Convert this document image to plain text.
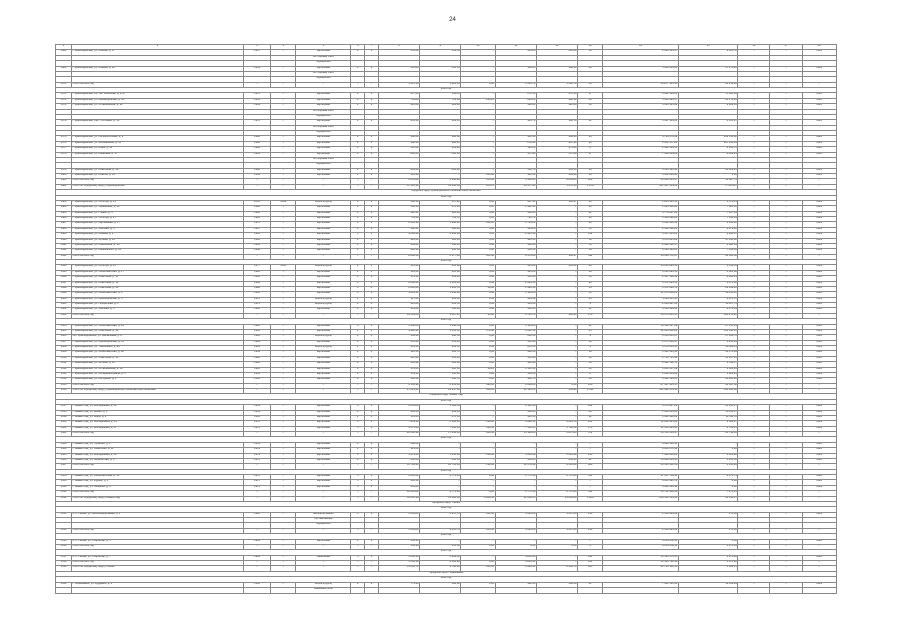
24
1	2	3	4	5	6	7	8	9	10	11	12	13	14	15	16	17	18
1468	г. Краснодонский, ул. Ленина, д. 47	1957	–	кирпичные	2	2	551,60	509,60	–	405,20	405,20	18	2 684 146,97	9 481,78	–	–	2023
				по сборным и ж/б													
				перекрытия													
1469	г. Краснодонский, ул. Ленина, д. 49	1959	–	кирпичные	2	2	519,60	514,60	–	388,20	388,20	18	5 458 456,24	37 175,40	–	–	2023
				по сборным и ж/б													
				перекрытия													
1470	Итого за 2023 год	–	–	–	–	–	1 467,30	1 421,30	0,00	1 046,70	1 046,70	50	10 877 105,13	96 259,18	–	–	–
2024 год																	
1471	г. Краснодонский, пр. Им. Ильичева, д. 27А	1970	–	кирпичные	2	2	417,20	411,20	–	272,10	272,10	17	3 842 183,21	75 883,10	–	–	2025
1472	г. Краснодонский, ул. Краснодонская, д. 11	1955	–	кирпичные	2	2	733,80	729,80	210,20	260,20	486,20	19	5 164 490,27	21 173,04	–	–	2025
1473	г. Краснодонский, ул. Литвиновская, д. 32	1959	–	кирпичные	2	2	424,60	424,60	–	320,60	320,60	13	4 125 121,29	9 609,65	–	–	2025
				по сборным и ж/б													
				перекрытия													
1474	г. Краснодонский, пер. Почтовый, д. 13	1976	–	кирпичные	2	2	401,10	401,10	–	386,70	386,70	12	3 097 549,04	8 615,07	–	–	2025
				по сборным и ж/б													
				перекрытия													
1475	г. Краснодонский, ул. Рыбоколхозная, д. 9	1960	–	кирпичные	2	2	482,00	482,00	–	321,30	446,20	14	4 794 270,29	189 133,02	–	–	2025
1476	г. Краснодонский, ул. Белоказачья, д. 11	1962	–	кирпичные	2	2	288,10	288,10	–	278,40	297,40	10	1 951 177,81	247 141,24	–	–	2025
1477	г. Краснодонский, ул. Мира, д. 24	1962	–	кирпичные	2	2	315,20	315,20	–	191,20	275,40	8	2 621 680,45	8 263,76	–	–	2025
1478	г. Краснодонский, ул. Ковалева, д. 17	1959	–	кирпичные	2	2	860,50	860,50	–	557,20	557,20	27	7 568 284,29	8 069,29	–	–	2025
				по сборным и ж/б													
				перекрытия													
1479	г. Краснодонский, ул. Советская, д. 13	1962	–	кирпичные	2	2	804,20	804,20	–	509,70	501,50	16	4 565 120,35	15 322,45	–	–	2025
1480	г. Краснодонский, ул. Ильича, д. 64	1959	–	кирпичные	2	2	181,30	–	145,40	181,30	294,10	14	3 052 240,45	0,00	–	–	2025
1481	Итого за 2024 год	–	–	–	–	–	4 655,86	4 918,90	355,60	4 140,40	4 256,80	180	40 936 001,47	11 987,73	–	–	–
1482	Итого по городскому округу Краснодонский	–	–	–	–	–	37 126,30	31 330,80	185,70	14 377,30	1 470,50	1 079	151 997 254,24	1 709 047	–	–	–
Городской округ Краснодонский Сельсоветский сельсовет																	
2023 год																	
1483	г. Краснодонский, ул. Октября, д. 23	2003	2009	Кирпич(бруск)	2	2	448,10	417,40	0,00	417,50	385,47	46	1 205 521,35	2 374,11	–	–	2023
1484	г. Краснодонский, ул. Украинская, д. 21	1962	–	кирпичные	3	2	592,10	572,10	0,00	1 412,30	–	23	1 404 162,08	7 826,18	–	–	2023
1485	г. Краснодонский, ул. Глинки, д. 5	1965	–	кирпичные	2	2	320,10	320,10	0,00	316,60	–	22	4 778 647,20	7 127,04	–	–	2023
1486	г. Краснодонский, ул. Октября, д. 27	1962	–	кирпичные	2	2	751,40	712,70	0,00	712,70	–	40	3 444 098,05	7 010,63	–	–	2023
1487	г. Краснодонский, ул. Карбышева, д. 17	1974	–	кирпичные	4	2	2 095,90	1 948,00	140,00	1 735,80	–	96	6 652 668,52	2 108,68	–	–	2023
1488	г. Краснодонский, ул. Чкалова, д. 3	1957	–	кирпичные	2	2	380,40	380,40	0,00	354,20	–	16	2 312 412,26	3 279,18	–	–	2023
1489	г. Краснодонский, ул. Ленина, д. 2	1965	–	кирпичные	5	2	3 082,10	2 965,10	0,00	2 965,10	–	119	5 917 003,04	2 408,37	–	–	2023
1490	г. Краснодонский, ул. Артема, д. 14	1958	–	кирпичные	2	2	424,40	381,40	0,00	381,40	–	16	3 470 825,08	47 395,00	–	–	2023
1491	г. Краснодонский, ул. Комсомола, д. 19	1955	–	кирпичные	2	2	383,60	348,40	0,00	348,40	–	14	2 982 102,57	3 891,05	–	–	2023
1492	г. Краснодонский, ул. Маяковского, д. 32	1958	–	кирпичные	2	2	330,50	330,50	0,00	330,50	–	14	6 126 596,85	7 136,84	–	–	2023
1493	Итого за 2023 год	–	–	–	–	–	8 808,50	8 377,40	183,40	9 374,60	385,47	411	34 038 172,67	91 565,58	–	–	–
2024 год																	
1494	г. Краснодонский, ул. Октября, д. 25	1977	2005	Кирпич(бруск)	2	2	513,40	415,20	0,00	415,00	385,40	46	10 016 693,59	4 158,54	–	–	2025
1495	г. Краснодонский, ул. Сельсоветская, д. 17	1966	–	кирпичные	2	2	345,40	325,00	0,00	325,00	–	18	3 131 893,51	4 321,68	–	–	2025
1496	г. Краснодонский, ул. Советская, д. 11	1956	–	кирпичные	2	2	379,50	315,40	0,00	315,40	–	14	2 167 122,39	8 994,23	–	–	2025
1497	г. Краснодонский, ул. Советская, д. 14	1964	–	кирпичные	4	3	2 608,40	3 281,20	0,00	2 685,50	–	96	6 371 691,51	2 173,38	–	–	2025
1498	г. Краснодонский, ул. Советская, д. 40	1968	–	кирпичные	4	4	2 026,60	1 915,70	44,80	1 969,10	–	56	6 472 438,70	22 148,42	–	–	2025
1499	г. Краснодонский, ул. Сельсоветская, д. 8	1956	–	кирпичные	3	2	1 041,10	1 043,00	0,00	1 143,00	–	10	12 076 006,22	59 411,12	–	–	2025
1500	г. Краснодонский, ул. Краснодонская, д. 1	1972	–	Кирпич(бруск)	2	2	317,00	306,40	0,00	306,40	–	16	5 663 115,31	2 070,72	–	–	2025
1501	г. Краснодонский, ул. Перфилова, д. 1	1973	–	Кирпич(бруск)	2	2	321,00	314,50	0,00	314,50	–	9	2 148 487,61	10 117,79	–	–	2025
1502	г. Краснодонский, ул. Чкалова, д. 5	1965	–	кирпичные	2	2	333,00	310,10	0,00	310,10	–	12	4 554 184,91	2 172,63	–	–	2025
1503	Итого за 2024 год	–	–	–	–	–	10 303,00	9 627,10	44,80	9 784,70	385,40	278	56 174 451,55	114 271,42	–	–	–
2025 год																	
1504	г. Краснодонский, ул. Сельсоветская, д. 24	1965	–	кирпичные	3	2	1 108,00	1 092,00	0,00	1 145,80	–	22	16 660 117,43	27 150,03	–	–	2025
1505	г. Краснодонский, ул. Советская, д. 30	1966	–	кирпичные	4	3	3 128,30	3 031,30	376,40	3 032,30	–	65	32 605 208,84	108 614,16	–	–	2025
1506	Ист. Краснодонский, ул. Вокзальная, д. 8	1964	–	Кирпич(бруск)	2	2	250,20	248,50	0,00	248,50	–	9	3 354 405,07	17 300,70	–	–	2025
1507	г. Краснодонский, ул. Краснодонская, д. 25	1963	–	кирпичные	2	2	351,40	351,40	0,00	351,40	–	18	2 975 543,97	6 233,69	–	–	2025
1508	г. Краснодонский, ул. Тимошенко, д. 28	1965	–	Кирпич(бруск)	2	2	251,50	251,50	0,00	251,50	–	9	3 178 643,31	10 082,11	–	–	2025
1509	г. Краснодонский, ул. Сельсоветская, д. 28	1959	–	кирпичные	2	2	326,50	301,70	0,00	308,50	–	19	3 452 586,42	13 175,84	–	–	2025
1510	г. Краснодонский, ул. Советская, д. 15	1962	–	кирпичные	2	2	315,40	315,40	0,00	315,40	–	13	2 735 731,32	13 267,16	–	–	2025
1511	г. Краснодонский, ул. Артема, д. 10	1960	–	кирпичные	2	2	381,90	381,90	0,00	381,90	–	14	2 162 782,74	2 411,17	–	–	2025
1512	г. Краснодонский, ул. Литвиновская, д. 19	1965	–	кирпичные	2	2	272,00	286,00	50,20	1 152,40	–	13	3 259 357,29	3 900,93	–	–	2025
1513	г. Краснодонский, ул. Лебедева-Кумача, д. 3	1955	–	кирпичные	2	2	151,20	150,00	0,00	150,00	–	8	1 848 649,04	1 016,29	–	–	2025
1514	г. Краснодонский, ул. Мичурина, д. 2	1956	–	кирпичные	2	2	385,50	340,70	0,00	340,70	–	13	3 641 510,21	18 923,46	–	–	2025
1515	Итого за 2025 год	–	–	–	–	–	8 511,90	8 254,40	436,60	8 268,80	0,00	245	87 387 415,17	30 837,58	–	–	–
1516	Итого по городскому округу Краснодонский Сельсоветский сельсовет	–	–	–	–	–	27 623,40	23 937,30	344,10	22 120,00	385,88	1 011	152 990 474,14	118 835,38	–	–	–
Городской округ Новый Сад																	
2023 год																	
1517	г. Новый Сад, ул. Молодежная, д. 42	1953	–	кирпичные	4	2	2 451,80	2 302,00	–	2 330,10	–	122	6 570 837,82	24 264,17	–	–	2023
1518	г. Новый Сад, ул. Новая, д. 3	1954	–	кирпичные	2	2	949,40	949,40	–	949,40	–	38	1 603 633,06	15 112,07	–	–	2023
1519	г. Новый Сад, ул. Мира, д. 8	1952	–	кирпичные	2	2	531,00	470,00	–	485,10	–	32	3 422 428,29	12 111,78	–	–	2023
1520	г. Новый Сад, ул. Молодежная, д. 44	1970	–	кирпичные	5	2	7 063,10	6 291,10	130,00	4 032,10	4 021,70	204	11 852 265,24	3 581,37	–	–	2023
1521	г. Новый Сад, ул. Молодежная, д. 47	1974	–	кирпичные	5	4	9 471,60	7 832,30	516,50	7 546,40	1 796,10	176	11 155 294,64	2 782,15	–	–	2023
1522	Итого за 2023 год	–	–	–	–	–	20 466,90	17 844,90	646,50	15 343,00	5 817,80	572	24 783 519,47	26 749,50	–	–	–
2025 год																	
1523	г. Новый Сад, ул. Пушкина, д. 2	1953	–	кирпичные	2	2	268,00	–	–	–	–	–	8 984 102,31	–	–	–	2025
1524	г. Новый Сад, ул. Советская, д. 11	1953	–	кирпичные	2	2	323,00	–	–	–	–	–	8 008 671,36	0,00	–	–	2025
1525	г. Новый Сад, ул. Молодежная, д. 12	1973	–	кирпичные	5	4	5 679,00	5 015,00	130,00	5 016,40	5 015,40	235	7 462 080,88	6 101,90	–	–	2025
1526	г. Новый Сад, ул. Лермонтова, д. 8	1975	–	кирпичные	2	2	456,00	456,00	–	456,00	456,00	21	14 086 648,90	1 433,56	–	–	2025
1527	Итого за 2025 год	–	–	–	–	–	11 762,20	10 761,00	130,00	10 576,90	9 595,40	386	40 535 502,59	8 145,26	–	–	–
2024 год																	
1528	г. Новый Сад, ул. Сельсоветская, д. 40	1970	–	кирпичные	5	4	2 881,40	2 775,00	0,00	2 775,30	2 757,80	111	27 657 795,11	2 373,73	–	–	2024
1529	г. Новый Сад, ул. Фрунзе, д. 1	1972	–	кирпичные	5	4	466,40	–	–	–	–	–	4 646 496,70	0,00	–	–	2024
1530	г. Новый Сад, ул. Гагарина, д. 4	1975	–	кирпичные	5	4	609,60	–	–	–	–	–	8 446 586,18	0,00	–	–	2024
1531	Итого за 2024 год	–	–	–	–	–	10 991,80	2 775,00	0,00	2 775,30	2 757,80	111	56 732 008,38	7 275,45	–	–	–
1532	Итого по городскому округу Новый Сад	–	–	–	–	–	43 220,90	31 380,90	4 096,50	31 058,20	21 858,00	1 069	159 451 030,44	22 533,27	–	–	–
Городской округ Пальм																	
2023 год																	
1533	п.г.т. Пальм, ул. Железнодорожная, д. 2	1968	–	железобетонные	3	3	5 063,00	4 878,70	145,50	4 660,86	3 007,50	210	2 134 491,69	475,00	–	–	2023
				составляющие													
				перекрытия													
1534	Итого за 2023 год	–	–	–	–	–	5 063,00	4 878,70	145,50	4 660,86	3 007,50	210	2 134 491,69	475,00	–	–	–
2024 год																	
1535	п.г.т. Пальм, ул. Стерлитай, д. 5	1961	–	кирпичные	2	2	563,30	–	–	–	–	–	8 013 602,11	0,00	–	–	2024
1536	Итого за 2024 год	–	–	–	–	–	563,30	451,60	0,00	0,00	0,00	0	8 013 602,11	1 474,64	–	–	–
2025 год																	
1537	п.г.т. Пальм, ул. Стерлитай, д. 7	1963	–	панельные	5	5	5 002,10	4 883,40	–	4 803,10	–	211	10 524 176,15	1 271,00	–	–	2025
1538	Итого за 2025 год	–	–	–	–	–	5 062,10	4 863,40	0,00	4 803,10	–	211	10 526 792,90	1 072,80	–	–	–
1539	Итого по городскому округу Пальм	–	–	–	–	–	11 266,70	9 736,30	145,50	9 463,96	4 463,76	425	21 735 102,50	1 964,15	–	–	–
Городской округ Первомайск																	
2023 год																	
1540	г. Первомайск, ул. Бурденко, д. 3	1956	–	Кирпич(бруск)	2	2	771,20	582,00	0,00	582,00	582,00	21	7 001 513,50	11 339,94	–	–	2023
				каменный блок													
